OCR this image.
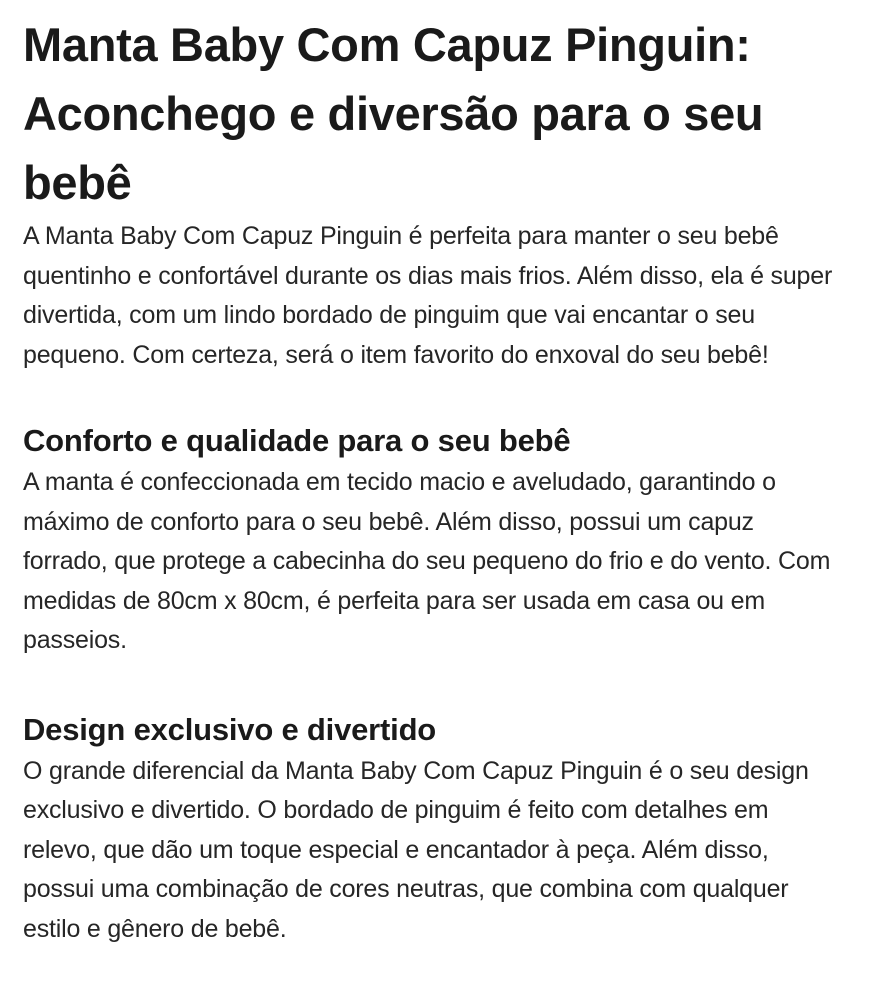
Manta Baby Com Capuz Pinguin: Aconchego e diversão para o seu bebê

A Manta Baby Com Capuz Pinguin é perfeita para manter o seu bebê quentinho e confortável durante os dias mais frios. Além disso, ela é super divertida, com um lindo bordado de pinguim que vai encantar o seu pequeno. Com certeza, será o item favorito do enxoval do seu bebê!

Conforto e qualidade para o seu bebê

A manta é confeccionada em tecido macio e aveludado, garantindo o máximo de conforto para o seu bebê. Além disso, possui um capuz forrado, que protege a cabecinha do seu pequeno do frio e do vento. Com medidas de 80cm x 80cm, é perfeita para ser usada em casa ou em passeios.

Design exclusivo e divertido

O grande diferencial da Manta Baby Com Capuz Pinguin é o seu design exclusivo e divertido. O bordado de pinguim é feito com detalhes em relevo, que dão um toque especial e encantador à peça. Além disso, possui uma combinação de cores neutras, que combina com qualquer estilo e gênero de bebê.
